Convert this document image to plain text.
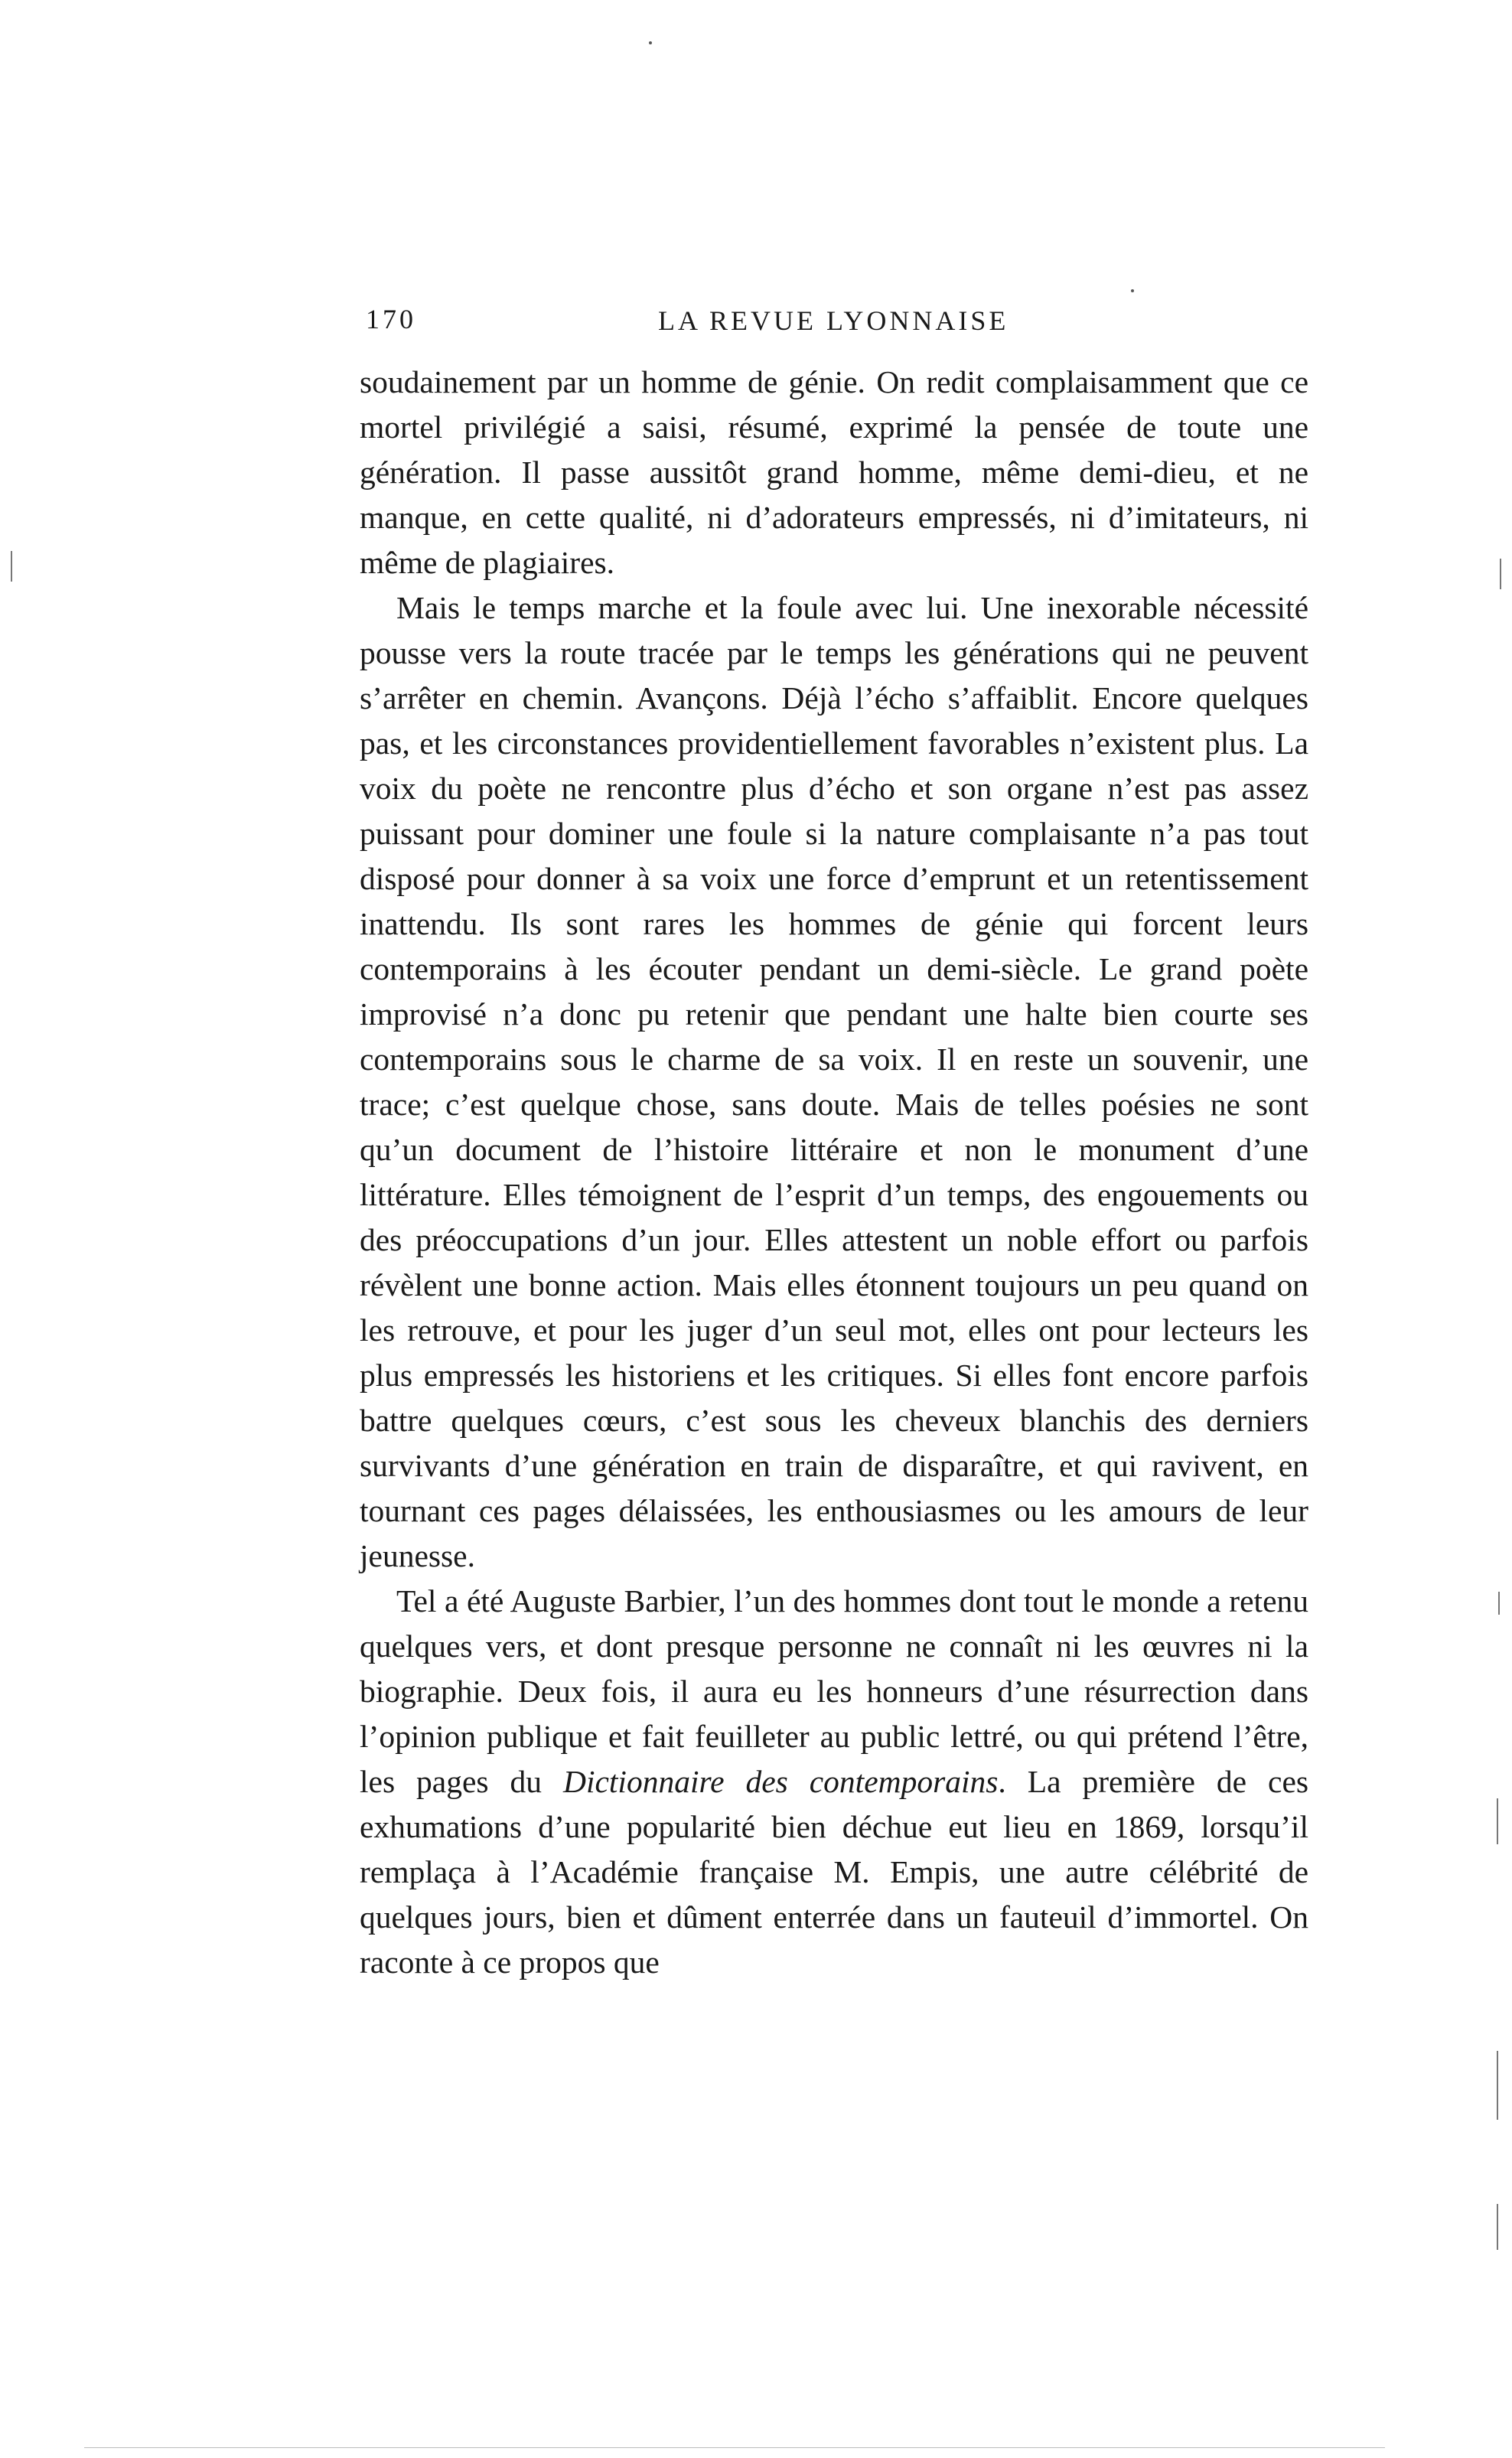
170	LA REVUE LYONNAISE

soudainement par un homme de génie. On redit complaisamment que ce mortel privilégié a saisi, résumé, exprimé la pensée de toute une génération. Il passe aussitôt grand homme, même demi-dieu, et ne manque, en cette qualité, ni d’adorateurs empressés, ni d’imitateurs, ni même de plagiaires.

Mais le temps marche et la foule avec lui. Une inexorable nécessité pousse vers la route tracée par le temps les générations qui ne peuvent s’arrêter en chemin. Avançons. Déjà l’écho s’affaiblit. Encore quelques pas, et les circonstances providentiellement favorables n’existent plus. La voix du poète ne rencontre plus d’écho et son organe n’est pas assez puissant pour dominer une foule si la nature complaisante n’a pas tout disposé pour donner à sa voix une force d’emprunt et un retentissement inattendu. Ils sont rares les hommes de génie qui forcent leurs contemporains à les écouter pendant un demi-siècle. Le grand poète improvisé n’a donc pu retenir que pendant une halte bien courte ses contemporains sous le charme de sa voix. Il en reste un souvenir, une trace; c’est quelque chose, sans doute. Mais de telles poésies ne sont qu’un document de l’histoire littéraire et non le monument d’une littérature. Elles témoignent de l’esprit d’un temps, des engouements ou des préoccupations d’un jour. Elles attestent un noble effort ou parfois révèlent une bonne action. Mais elles étonnent toujours un peu quand on les retrouve, et pour les juger d’un seul mot, elles ont pour lecteurs les plus empressés les historiens et les critiques. Si elles font encore parfois battre quelques cœurs, c’est sous les cheveux blanchis des derniers survivants d’une génération en train de disparaître, et qui ravivent, en tournant ces pages délaissées, les enthousiasmes ou les amours de leur jeunesse.

Tel a été Auguste Barbier, l’un des hommes dont tout le monde a retenu quelques vers, et dont presque personne ne connaît ni les œuvres ni la biographie. Deux fois, il aura eu les honneurs d’une résurrection dans l’opinion publique et fait feuilleter au public lettré, ou qui prétend l’être, les pages du Dictionnaire des contemporains. La première de ces exhumations d’une popularité bien déchue eut lieu en 1869, lorsqu’il remplaça à l’Académie française M. Empis, une autre célébrité de quelques jours, bien et dûment enterrée dans un fauteuil d’immortel. On raconte à ce propos que
